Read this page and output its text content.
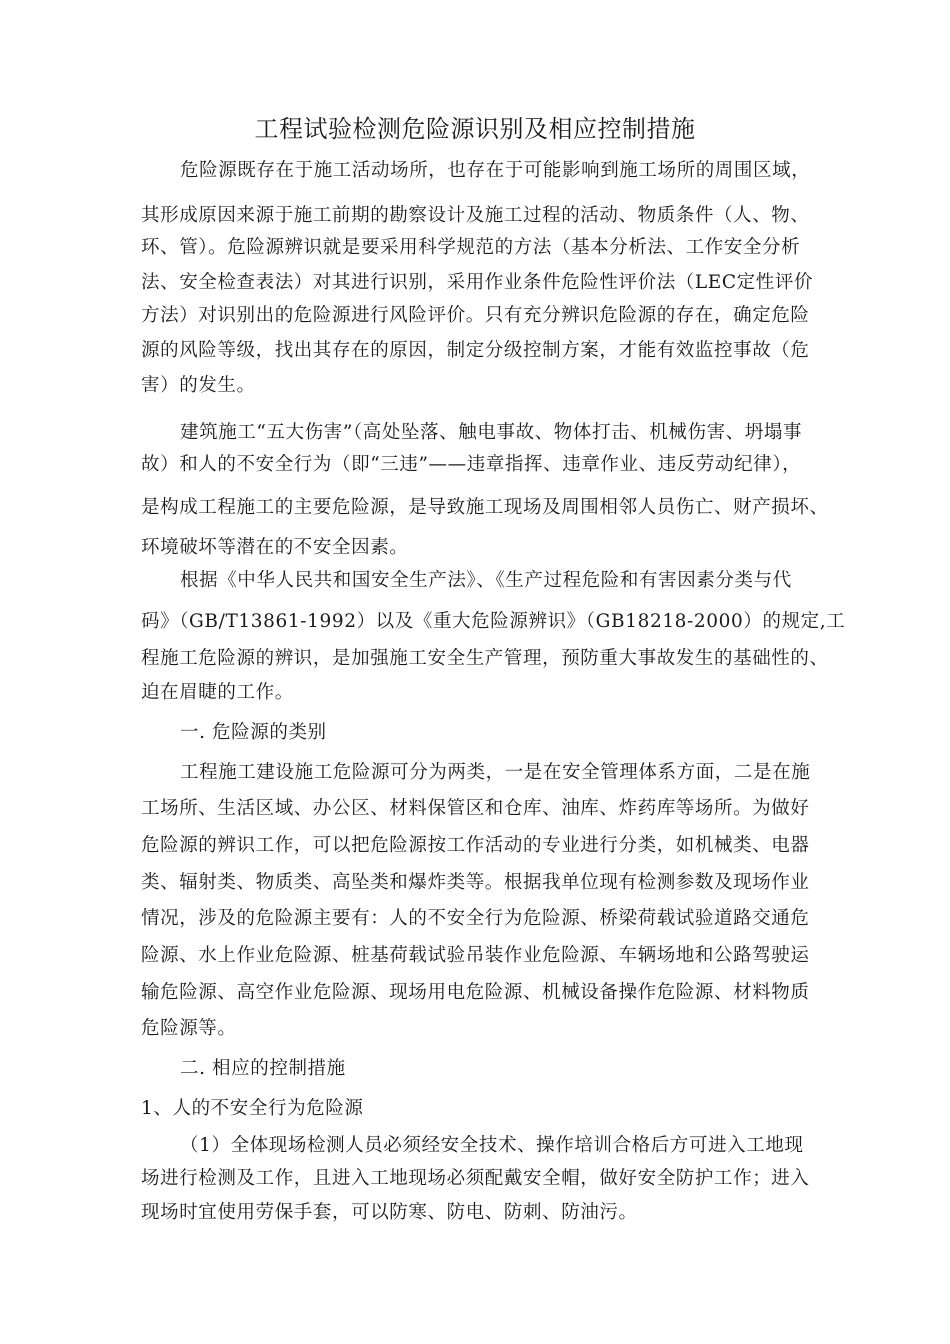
工程试验检测危险源识别及相应控制措施
危险源既存在于施工活动场所，也存在于可能影响到施工场所的周围区域，
其形成原因来源于施工前期的勘察设计及施工过程的活动、物质条件（人、物、
环、管）。危险源辨识就是要采用科学规范的方法（基本分析法、工作安全分析
法、安全检查表法）对其进行识别，采用作业条件危险性评价法（LEC定性评价
方法）对识别出的危险源进行风险评价。只有充分辨识危险源的存在，确定危险
源的风险等级，找出其存在的原因，制定分级控制方案，才能有效监控事故（危
害）的发生。
建筑施工“五大伤害”（高处坠落、触电事故、物体打击、机械伤害、坍塌事
故）和人的不安全行为（即“三违”——违章指挥、违章作业、违反劳动纪律），
是构成工程施工的主要危险源，是导致施工现场及周围相邻人员伤亡、财产损坏、
环境破坏等潜在的不安全因素。
根据《中华人民共和国安全生产法》、《生产过程危险和有害因素分类与代
码》（GB/T13861-1992）以及《重大危险源辨识》（GB18218-2000）的规定,工
程施工危险源的辨识，是加强施工安全生产管理，预防重大事故发生的基础性的、
迫在眉睫的工作。
一. 危险源的类别
工程施工建设施工危险源可分为两类，一是在安全管理体系方面，二是在施
工场所、生活区域、办公区、材料保管区和仓库、油库、炸药库等场所。为做好
危险源的辨识工作，可以把危险源按工作活动的专业进行分类，如机械类、电器
类、辐射类、物质类、高坠类和爆炸类等。根据我单位现有检测参数及现场作业
情况，涉及的危险源主要有：人的不安全行为危险源、桥梁荷载试验道路交通危
险源、水上作业危险源、桩基荷载试验吊装作业危险源、车辆场地和公路驾驶运
输危险源、高空作业危险源、现场用电危险源、机械设备操作危险源、材料物质
危险源等。
二. 相应的控制措施
1、人的不安全行为危险源
（1）全体现场检测人员必须经安全技术、操作培训合格后方可进入工地现
场进行检测及工作，且进入工地现场必须配戴安全帽，做好安全防护工作；进入
现场时宜使用劳保手套，可以防寒、防电、防刺、防油污。
